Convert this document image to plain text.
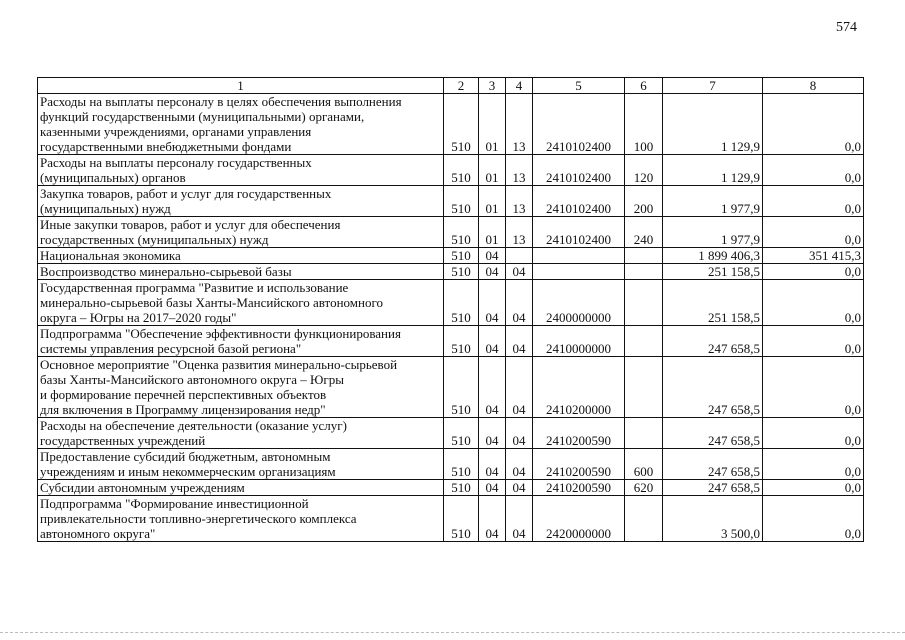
574
1	2	3	4	5	6	7	8
Расходы на выплаты персоналу в целях обеспечения выполнения
функций государственными (муниципальными) органами,
казенными учреждениями, органами управления
государственными внебюджетными фондами	510	01	13	2410102400	100	1 129,9	0,0
Расходы на выплаты персоналу государственных
(муниципальных) органов	510	01	13	2410102400	120	1 129,9	0,0
Закупка товаров, работ и услуг для государственных
(муниципальных) нужд	510	01	13	2410102400	200	1 977,9	0,0
Иные закупки товаров, работ и услуг для обеспечения
государственных (муниципальных) нужд	510	01	13	2410102400	240	1 977,9	0,0
Национальная экономика	510	04				1 899 406,3	351 415,3
Воспроизводство минерально-сырьевой базы	510	04	04			251 158,5	0,0
Государственная программа "Развитие и использование
минерально-сырьевой базы Ханты-Мансийского автономного
округа – Югры на 2017–2020 годы"	510	04	04	2400000000		251 158,5	0,0
Подпрограмма "Обеспечение эффективности функционирования
системы управления ресурсной базой региона"	510	04	04	2410000000		247 658,5	0,0
Основное мероприятие "Оценка развития минерально-сырьевой
базы Ханты-Мансийского автономного округа – Югры
и формирование перечней перспективных объектов
для включения в Программу лицензирования недр"	510	04	04	2410200000		247 658,5	0,0
Расходы на обеспечение деятельности (оказание услуг)
государственных учреждений	510	04	04	2410200590		247 658,5	0,0
Предоставление субсидий бюджетным, автономным
учреждениям и иным некоммерческим организациям	510	04	04	2410200590	600	247 658,5	0,0
Субсидии автономным учреждениям	510	04	04	2410200590	620	247 658,5	0,0
Подпрограмма "Формирование инвестиционной
привлекательности топливно-энергетического комплекса
автономного округа"	510	04	04	2420000000		3 500,0	0,0
